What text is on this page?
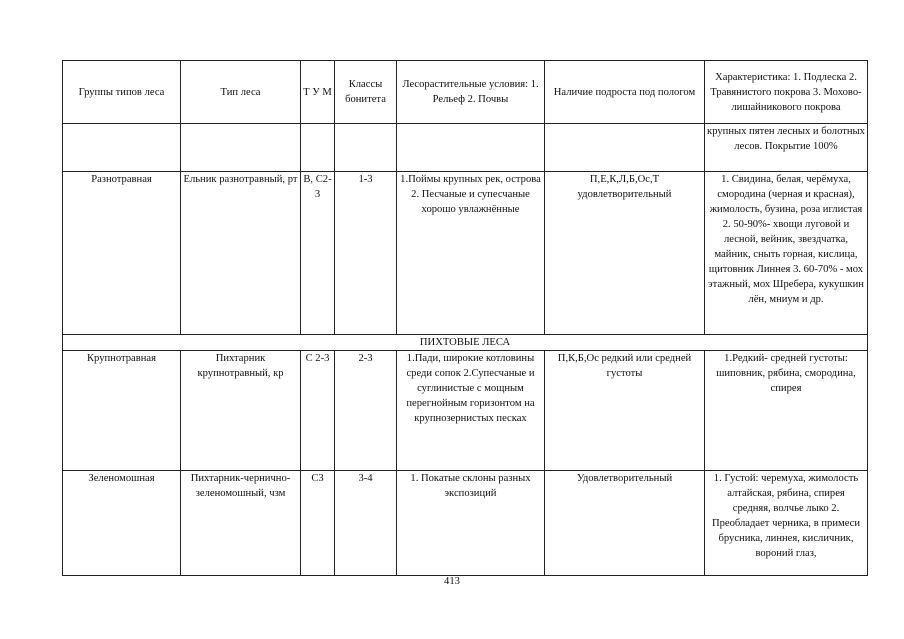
Группы типов леса	Тип леса	Т У М	Классы бонитета	Лесорастительные условия: 1. Рельеф 2. Почвы	Наличие подроста под пологом	Характеристика: 1. Подлеска 2. Травянистого покрова 3. Мохово-лишайникового покрова
						крупных пятен лесных и болотных лесов. Покрытие 100%
Разнотравная	Ельник разнотравный, рт	В, С2-3	1-3	1.Поймы крупных рек, острова 2. Песчаные и супесчаные хорошо увлажнённые	П,Е,К,Л,Б,Ос,Т удовлетворительный	1. Свидина, белая, черёмуха, смородина (черная и красная), жимолость, бузина, роза иглистая 2. 50-90%- хвощи луговой и лесной, вейник, звездчатка, майник, сныть горная, кислица, щитовник Линнея 3. 60-70% - мох этажный, мох Шребера, кукушкин лён, мниум и др.
ПИХТОВЫЕ ЛЕСА						
Крупнотравная	Пихтарник крупнотравный, кр	С 2-3	2-3	1.Пади, широкие котловины среди сопок 2.Супесчаные и суглинистые с мощным перегнойным горизонтом на крупнозернистых песках	П,К,Б,Ос редкий или средней густоты	1.Редкий- средней густоты: шиповник, рябина, смородина, спирея
Зеленомошная	Пихтарник-чернично-зеленомошный, чзм	С3	3-4	1. Покатые склоны разных экспозиций	Удовлетворительный	1. Густой: черемуха, жимолость алтайская, рябина, спирея средняя, волчье лыко 2. Преобладает черника, в примеси брусника, линнея, кисличник, вороний глаз,
413
